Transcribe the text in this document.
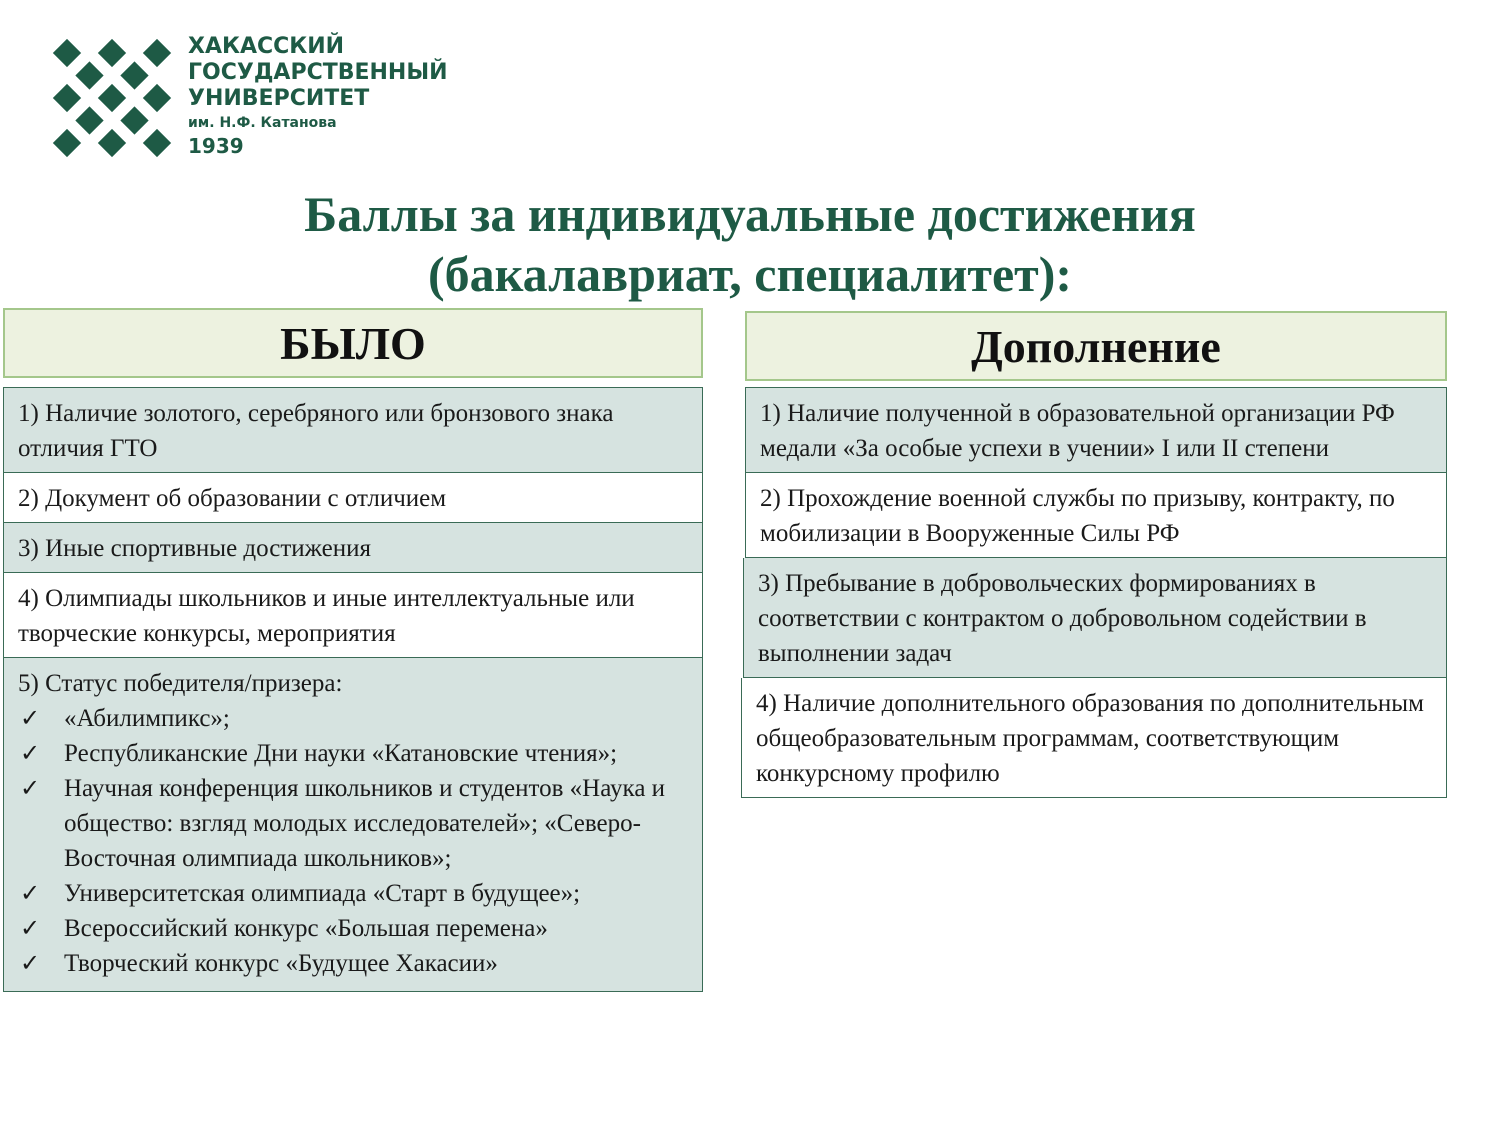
ХАКАССКИЙ
ГОСУДАРСТВЕННЫЙ
УНИВЕРСИТЕТ
им. Н.Ф. Катанова
1939
Баллы за индивидуальные достижения
(бакалавриат, специалитет):
БЫЛО
1) Наличие золотого, серебряного или бронзового знака отличия ГТО
2) Документ об образовании с отличием
3) Иные спортивные достижения
4) Олимпиады школьников и иные интеллектуальные или творческие конкурсы, мероприятия
5) Статус победителя/призера:
✓ «Абилимпикс»;
✓ Республиканские Дни науки «Катановские чтения»;
✓ Научная конференция школьников и студентов «Наука и общество: взгляд молодых исследователей»; «Северо-Восточная олимпиада школьников»;
✓ Университетская олимпиада «Старт в будущее»;
✓ Всероссийский конкурс «Большая перемена»
✓ Творческий конкурс «Будущее Хакасии»
Дополнение
1) Наличие полученной в образовательной организации РФ медали «За особые успехи в учении» I или II степени
2) Прохождение военной службы по призыву, контракту, по мобилизации в Вооруженные Силы РФ
3) Пребывание в добровольческих формированиях в соответствии с контрактом о добровольном содействии в выполнении задач
4) Наличие дополнительного образования по дополнительным общеобразовательным программам, соответствующим конкурсному профилю
